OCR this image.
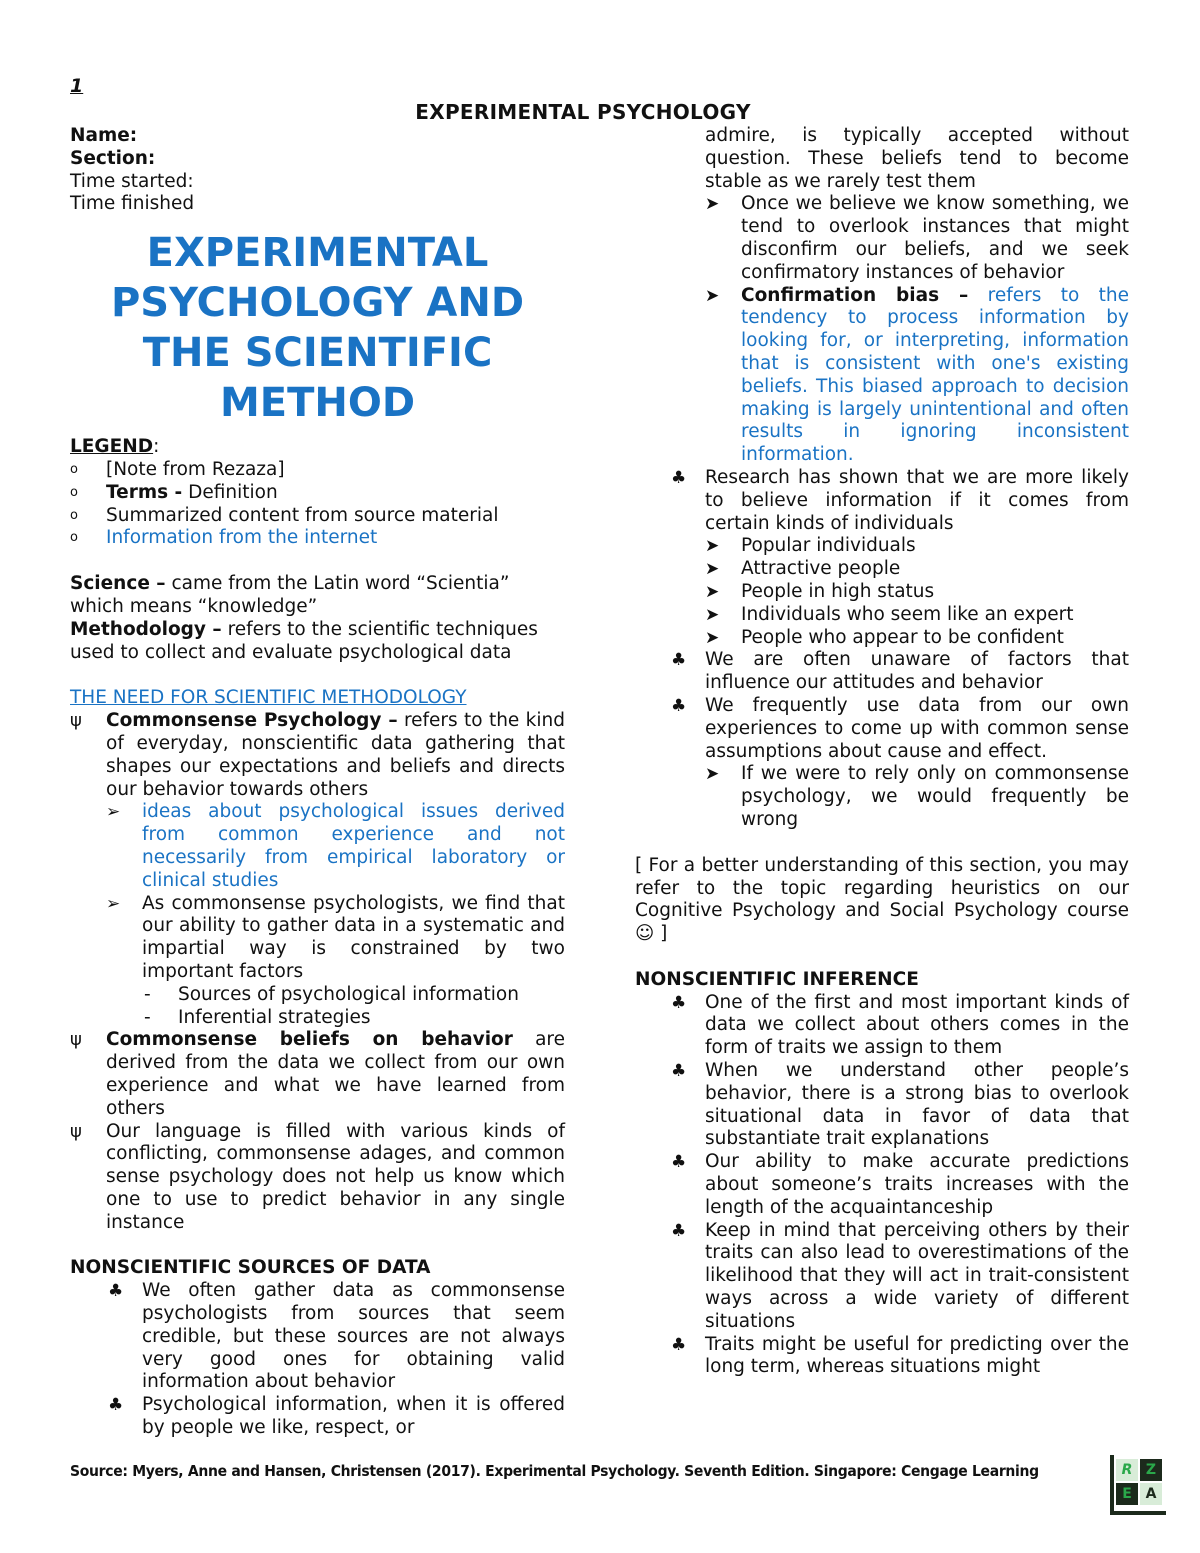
1
EXPERIMENTAL PSYCHOLOGY
Name:
Section:
Time started:
Time finished
EXPERIMENTAL PSYCHOLOGY AND THE SCIENTIFIC METHOD
LEGEND:
o [Note from Rezaza]
o Terms - Definition
o Summarized content from source material
o Information from the internet
Science – came from the Latin word “Scientia” which means “knowledge”
Methodology – refers to the scientific techniques used to collect and evaluate psychological data
THE NEED FOR SCIENTIFIC METHODOLOGY
ψ Commonsense Psychology – refers to the kind of everyday, nonscientific data gathering that shapes our expectations and beliefs and directs our behavior towards others
➢ ideas about psychological issues derived from common experience and not necessarily from empirical laboratory or clinical studies
➢ As commonsense psychologists, we find that our ability to gather data in a systematic and impartial way is constrained by two important factors
- Sources of psychological information
- Inferential strategies
ψ Commonsense beliefs on behavior are derived from the data we collect from our own experience and what we have learned from others
ψ Our language is filled with various kinds of conflicting, commonsense adages, and common sense psychology does not help us know which one to use to predict behavior in any single instance
NONSCIENTIFIC SOURCES OF DATA
♣ We often gather data as commonsense psychologists from sources that seem credible, but these sources are not always very good ones for obtaining valid information about behavior
♣ Psychological information, when it is offered by people we like, respect, or
admire, is typically accepted without question. These beliefs tend to become stable as we rarely test them
➤ Once we believe we know something, we tend to overlook instances that might disconfirm our beliefs, and we seek confirmatory instances of behavior
➤ Confirmation bias – refers to the tendency to process information by looking for, or interpreting, information that is consistent with one's existing beliefs. This biased approach to decision making is largely unintentional and often results in ignoring inconsistent information.
♣ Research has shown that we are more likely to believe information if it comes from certain kinds of individuals
➤ Popular individuals
➤ Attractive people
➤ People in high status
➤ Individuals who seem like an expert
➤ People who appear to be confident
♣ We are often unaware of factors that influence our attitudes and behavior
♣ We frequently use data from our own experiences to come up with common sense assumptions about cause and effect.
➤ If we were to rely only on commonsense psychology, we would frequently be wrong
[ For a better understanding of this section, you may refer to the topic regarding heuristics on our Cognitive Psychology and Social Psychology course ☺ ]
NONSCIENTIFIC INFERENCE
♣ One of the first and most important kinds of data we collect about others comes in the form of traits we assign to them
♣ When we understand other people’s behavior, there is a strong bias to overlook situational data in favor of data that substantiate trait explanations
♣ Our ability to make accurate predictions about someone’s traits increases with the length of the acquaintanceship
♣ Keep in mind that perceiving others by their traits can also lead to overestimations of the likelihood that they will act in trait-consistent ways across a wide variety of different situations
♣ Traits might be useful for predicting over the long term, whereas situations might
Source: Myers, Anne and Hansen, Christensen (2017). Experimental Psychology. Seventh Edition. Singapore: Cengage Learning	R Z
E A
